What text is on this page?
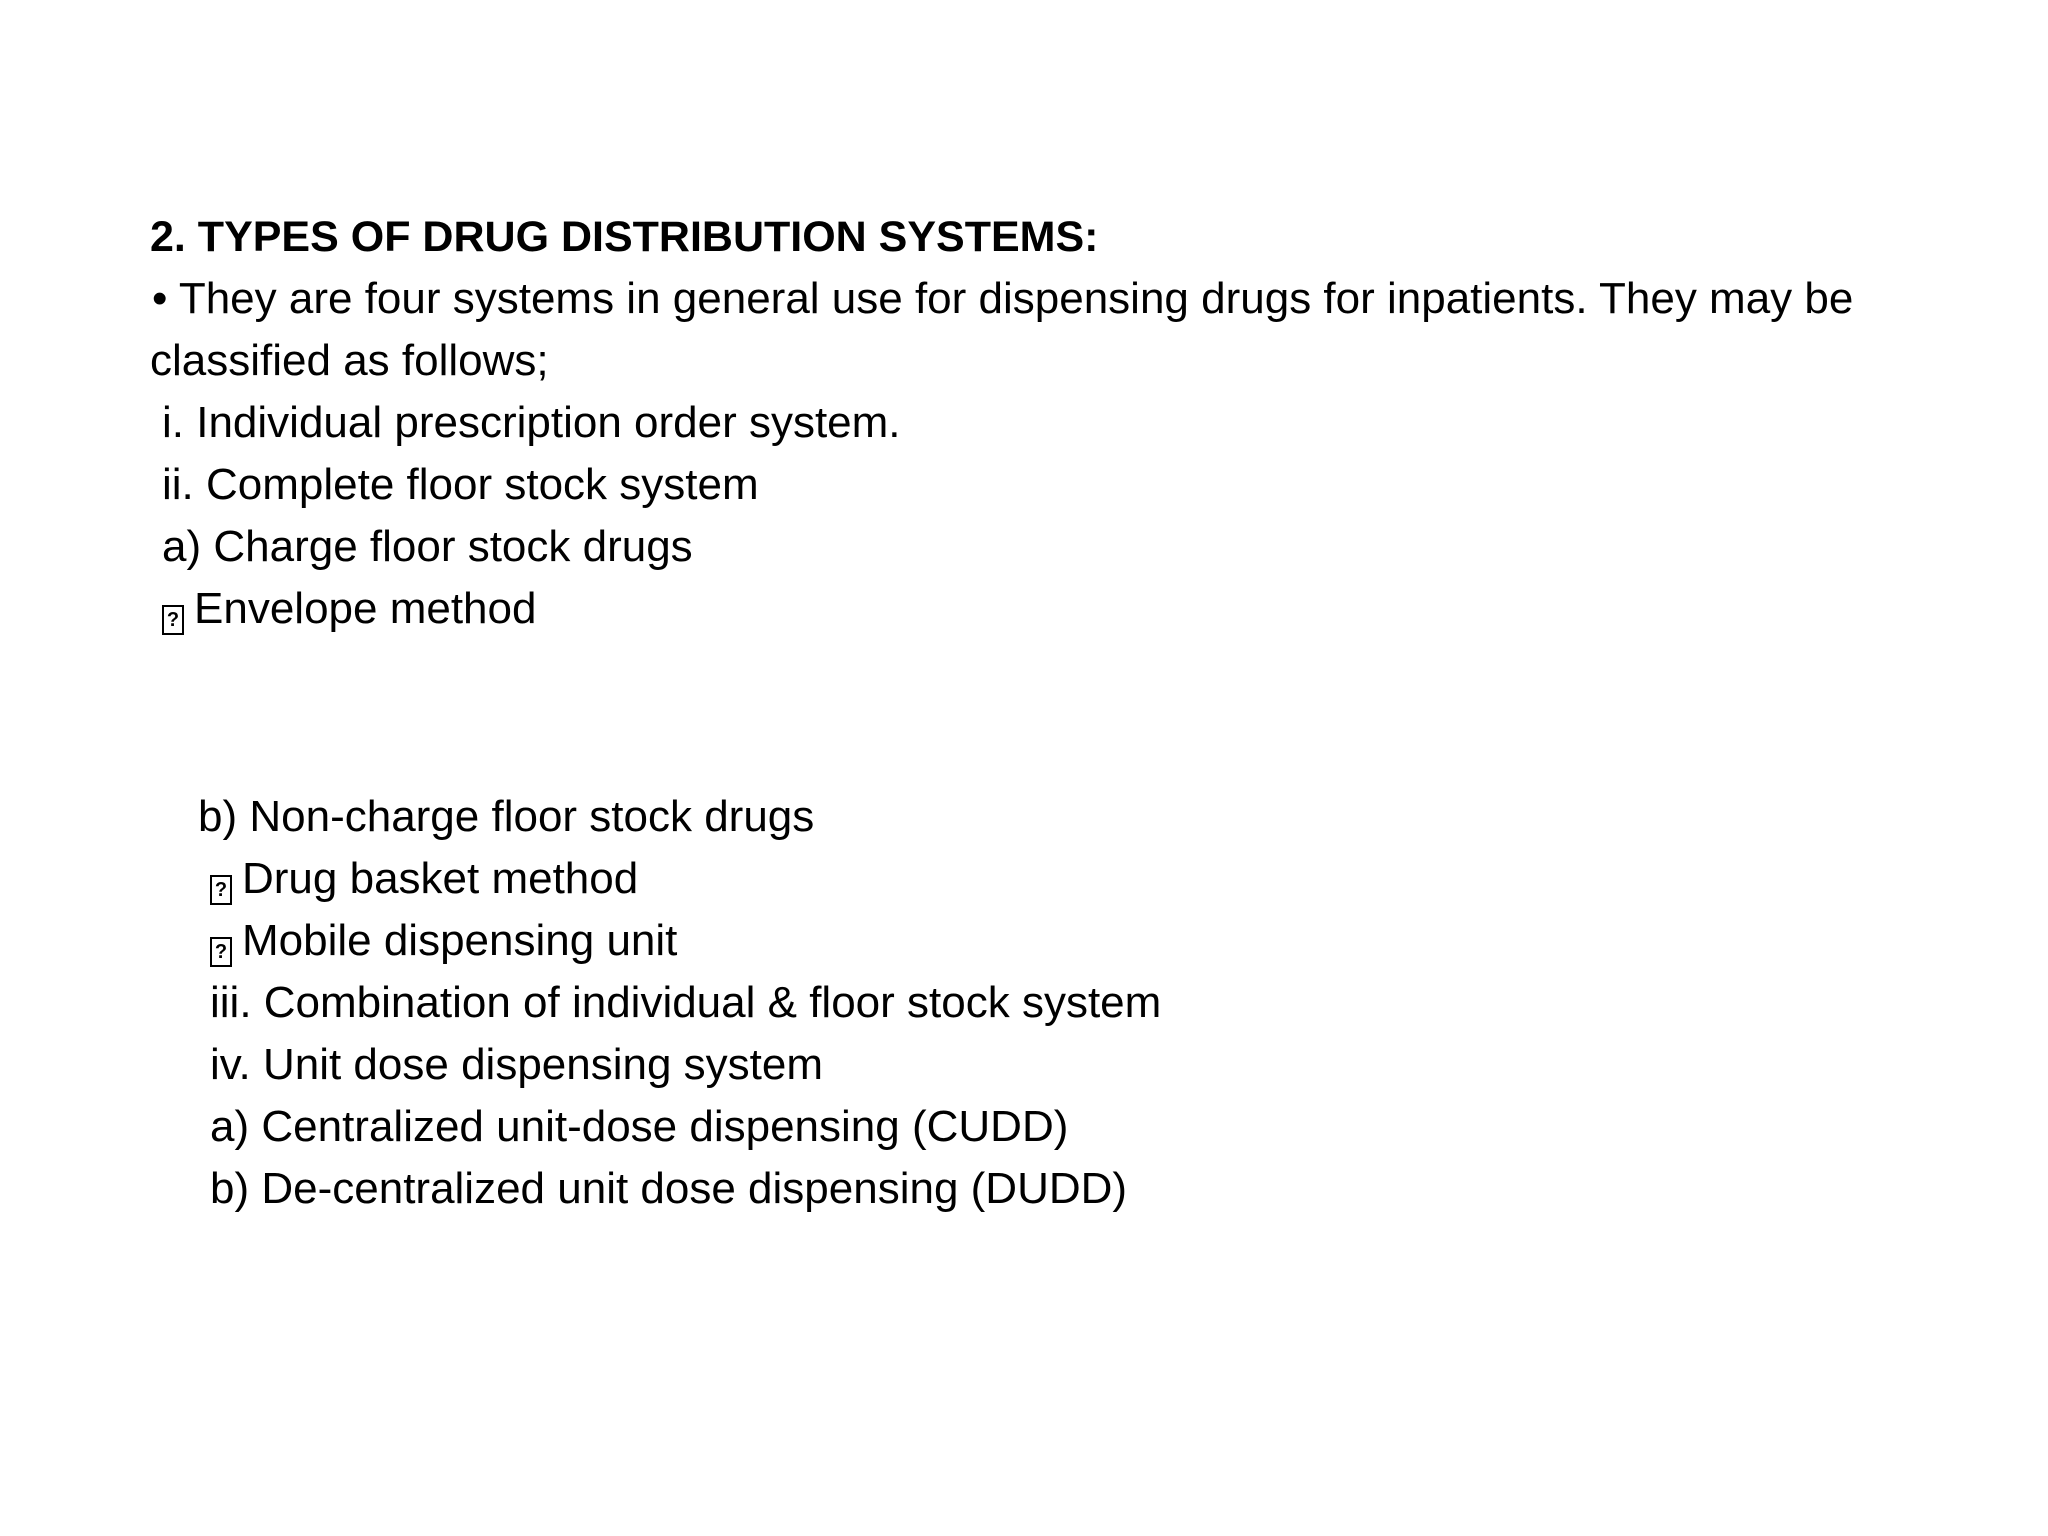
2. TYPES OF DRUG DISTRIBUTION SYSTEMS:
• They are four systems in general use for dispensing drugs for inpatients. They may be
classified as follows;
i. Individual prescription order system.
ii. Complete floor stock system
a) Charge floor stock drugs
? Envelope method
b) Non-charge floor stock drugs
? Drug basket method
? Mobile dispensing unit
iii. Combination of individual & floor stock system
iv. Unit dose dispensing system
a) Centralized unit-dose dispensing (CUDD)
b) De-centralized unit dose dispensing (DUDD)
